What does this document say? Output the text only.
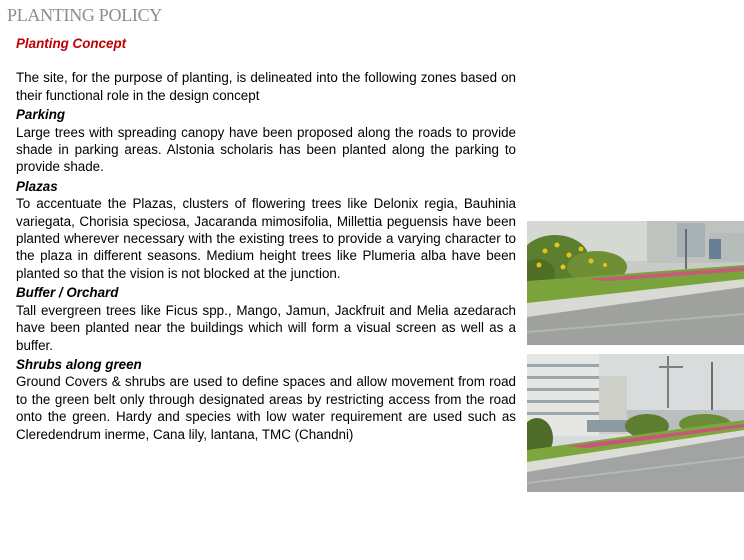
PLANTING POLICY
Planting Concept

The site, for the purpose of planting, is delineated into the following zones based on their functional role in the design concept

Parking

Large trees with spreading canopy have been proposed along the roads to provide shade in parking areas. Alstonia scholaris has been planted along the parking to provide shade.

Plazas

To accentuate the Plazas, clusters of flowering trees like Delonix regia, Bauhinia variegata, Chorisia speciosa, Jacaranda mimosifolia, Millettia peguensis have been planted wherever necessary with the existing trees to provide a varying character to the plaza in different seasons. Medium height trees like Plumeria alba have been planted so that the vision is not blocked at the junction.

Buffer / Orchard

Tall evergreen trees like Ficus spp., Mango, Jamun, Jackfruit and Melia azedarach have been planted near the buildings which will form a visual screen as well as a buffer.

Shrubs along green

Ground Covers & shrubs are used to define spaces and allow movement from road to the green belt only through designated areas by restricting access from the road onto the green. Hardy and species with low water requirement are used such as Cleredendrum inerme, Cana lily, lantana, TMC (Chandni)
